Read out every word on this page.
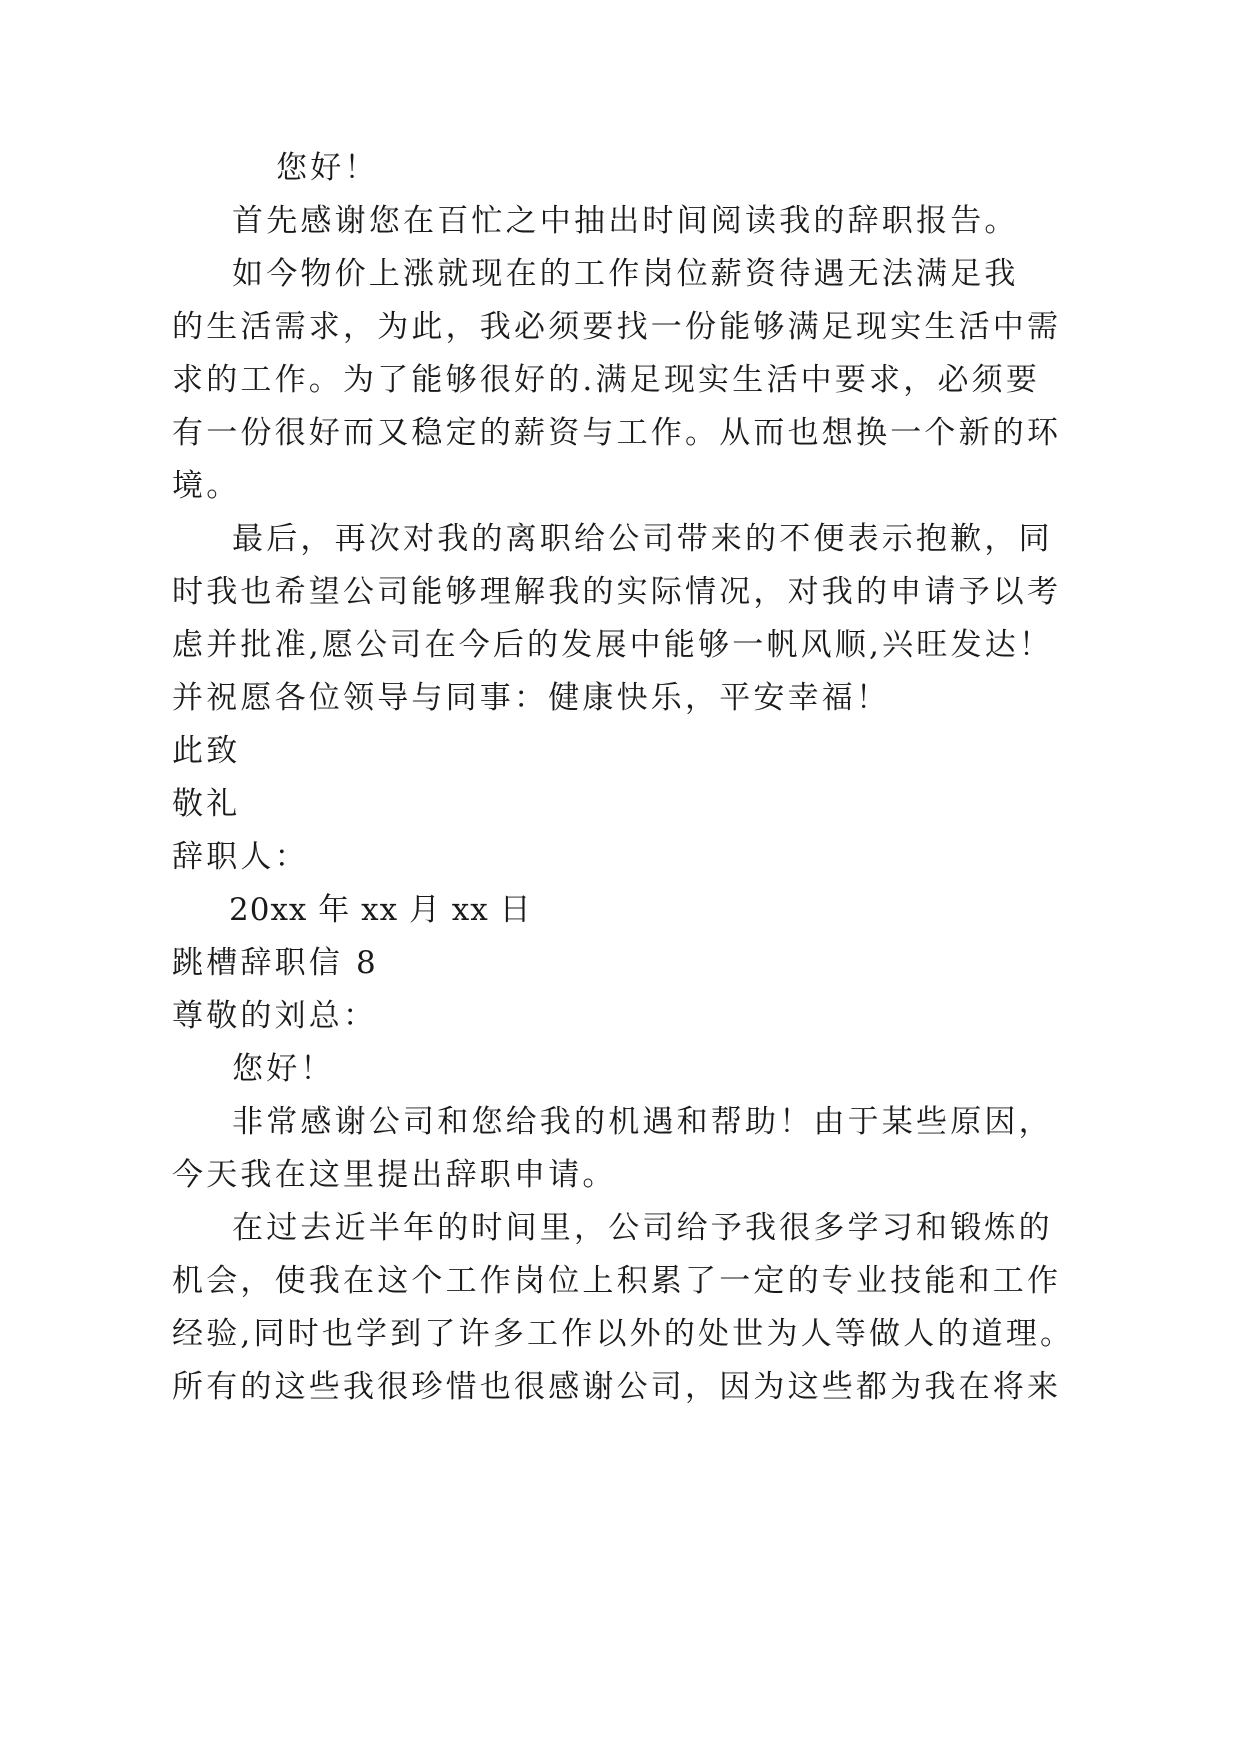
您好！
首先感谢您在百忙之中抽出时间阅读我的辞职报告。
如今物价上涨就现在的工作岗位薪资待遇无法满足我
的生活需求，为此，我必须要找一份能够满足现实生活中需
求的工作。为了能够很好的.满足现实生活中要求，必须要
有一份很好而又稳定的薪资与工作。从而也想换一个新的环
境。
最后，再次对我的离职给公司带来的不便表示抱歉，同
时我也希望公司能够理解我的实际情况，对我的申请予以考
虑并批准,愿公司在今后的发展中能够一帆风顺,兴旺发达！
并祝愿各位领导与同事：健康快乐，平安幸福！
此致
敬礼
辞职人：
20xx 年 xx 月 xx 日
跳槽辞职信 8
尊敬的刘总：
您好！
非常感谢公司和您给我的机遇和帮助！由于某些原因，
今天我在这里提出辞职申请。
在过去近半年的时间里，公司给予我很多学习和锻炼的
机会，使我在这个工作岗位上积累了一定的专业技能和工作
经验,同时也学到了许多工作以外的处世为人等做人的道理。
所有的这些我很珍惜也很感谢公司，因为这些都为我在将来
